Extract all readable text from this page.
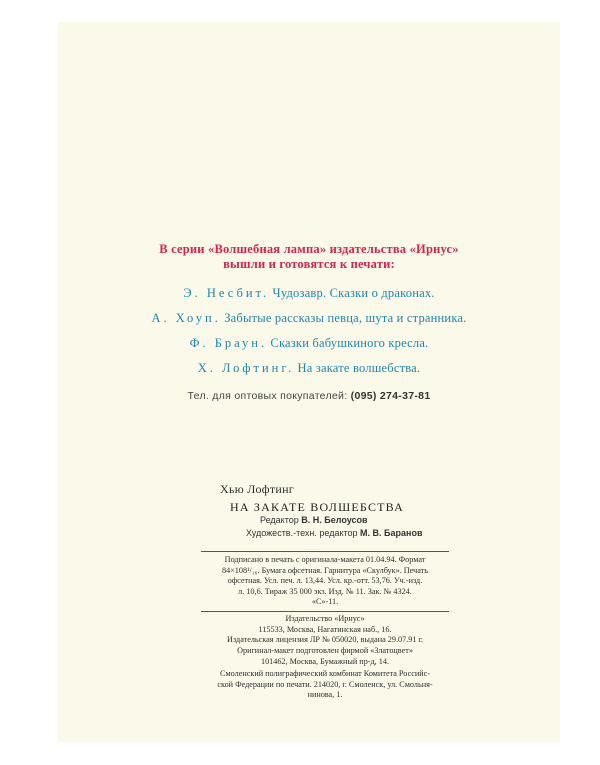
В серии «Волшебная лампа» издательства «Ирнус»
вышли и готовятся к печати:
Э. Несбит. Чудозавр. Сказки о драконах.
А. Хоуп. Забытые рассказы певца, шута и странника.
Ф. Браун. Сказки бабушкиного кресла.
Х. Лофтинг. На закате волшебства.
Тел. для оптовых покупателей: (095) 274-37-81
Хью Лофтинг
НА ЗАКАТЕ ВОЛШЕБСТВА
Редактор В. Н. Белоусов
Художеств.-техн. редактор М. В. Баранов
Подписано в печать с оригинала-макета 01.04.94. Формат
84×108¹/₁₆. Бумага офсетная. Гарнитура «Скулбук». Печать
офсетная. Усл. печ. л. 13,44. Усл. кр.-отт. 53,76. Уч.-изд.
л. 10,6. Тираж 35 000 экз. Изд. № 11. Зак. № 4324.
«С»-11.
Издательство «Ирнус»
115533, Москва, Нагатинская наб., 16.
Издательская лицензия ЛР № 050020, выдана 29.07.91 г.
Оригинал-макет подготовлен фирмой «Златоцвет»
101462, Москва, Бумажный пр-д, 14.
Смоленский полиграфический комбинат Комитета Российс-
ской Федерации по печати. 214020, г. Смоленск, ул. Смольня-
нинова, 1.
